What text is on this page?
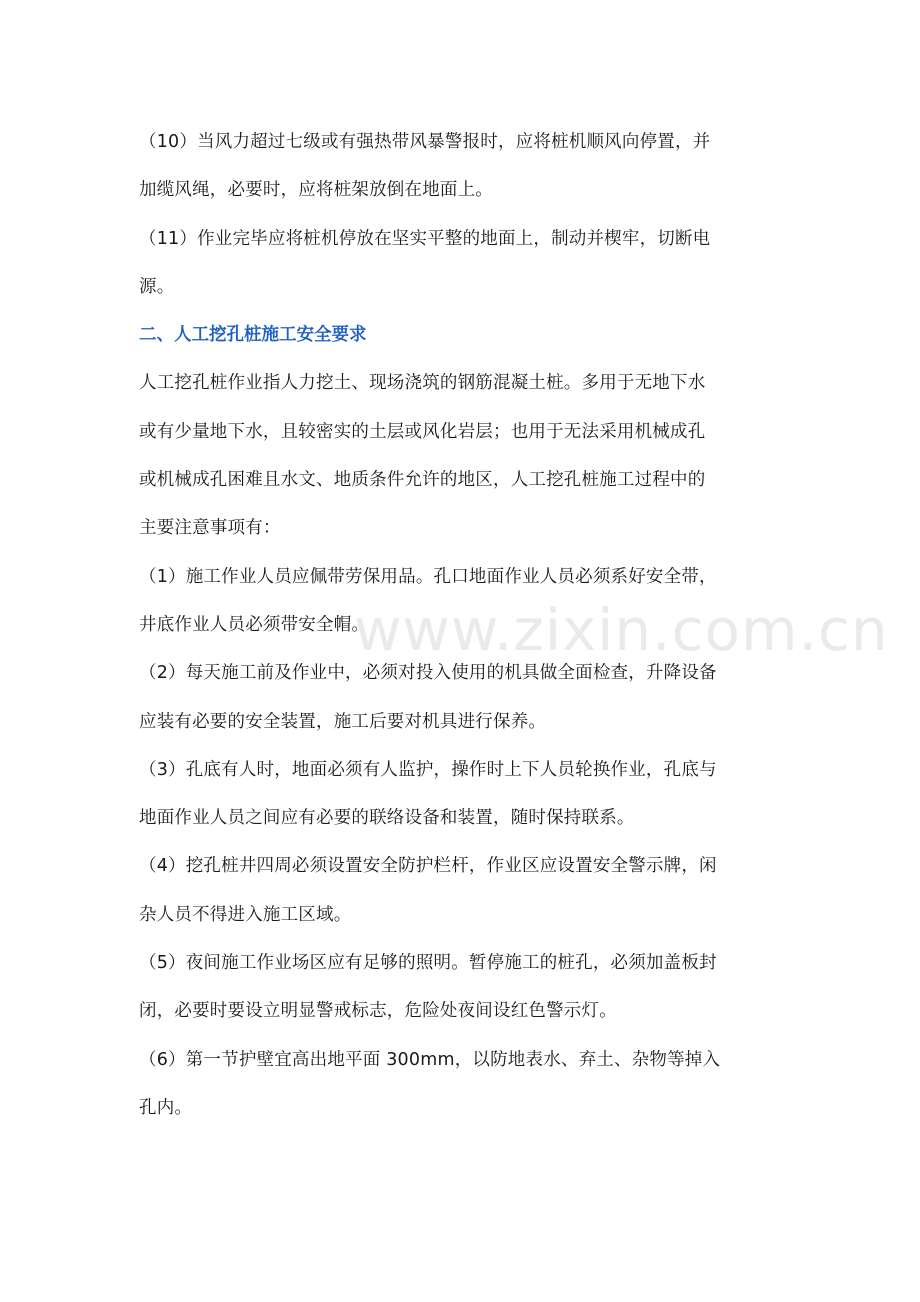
（10）当风力超过七级或有强热带风暴警报时，应将桩机顺风向停置，并
加缆风绳，必要时，应将桩架放倒在地面上。
（11）作业完毕应将桩机停放在坚实平整的地面上，制动并楔牢，切断电
源。
二、人工挖孔桩施工安全要求
人工挖孔桩作业指人力挖土、现场浇筑的钢筋混凝土桩。多用于无地下水
或有少量地下水，且较密实的土层或风化岩层；也用于无法采用机械成孔
或机械成孔困难且水文、地质条件允许的地区，人工挖孔桩施工过程中的
主要注意事项有：
（1）施工作业人员应佩带劳保用品。孔口地面作业人员必须系好安全带，
井底作业人员必须带安全帽。
（2）每天施工前及作业中，必须对投入使用的机具做全面检查，升降设备
应装有必要的安全装置，施工后要对机具进行保养。
（3）孔底有人时，地面必须有人监护，操作时上下人员轮换作业，孔底与
地面作业人员之间应有必要的联络设备和装置，随时保持联系。
（4）挖孔桩井四周必须设置安全防护栏杆，作业区应设置安全警示牌，闲
杂人员不得进入施工区域。
（5）夜间施工作业场区应有足够的照明。暂停施工的桩孔，必须加盖板封
闭，必要时要设立明显警戒标志，危险处夜间设红色警示灯。
（6）第一节护壁宜高出地平面 300mm，以防地表水、弃土、杂物等掉入
孔内。
www.zixin.com.cn
